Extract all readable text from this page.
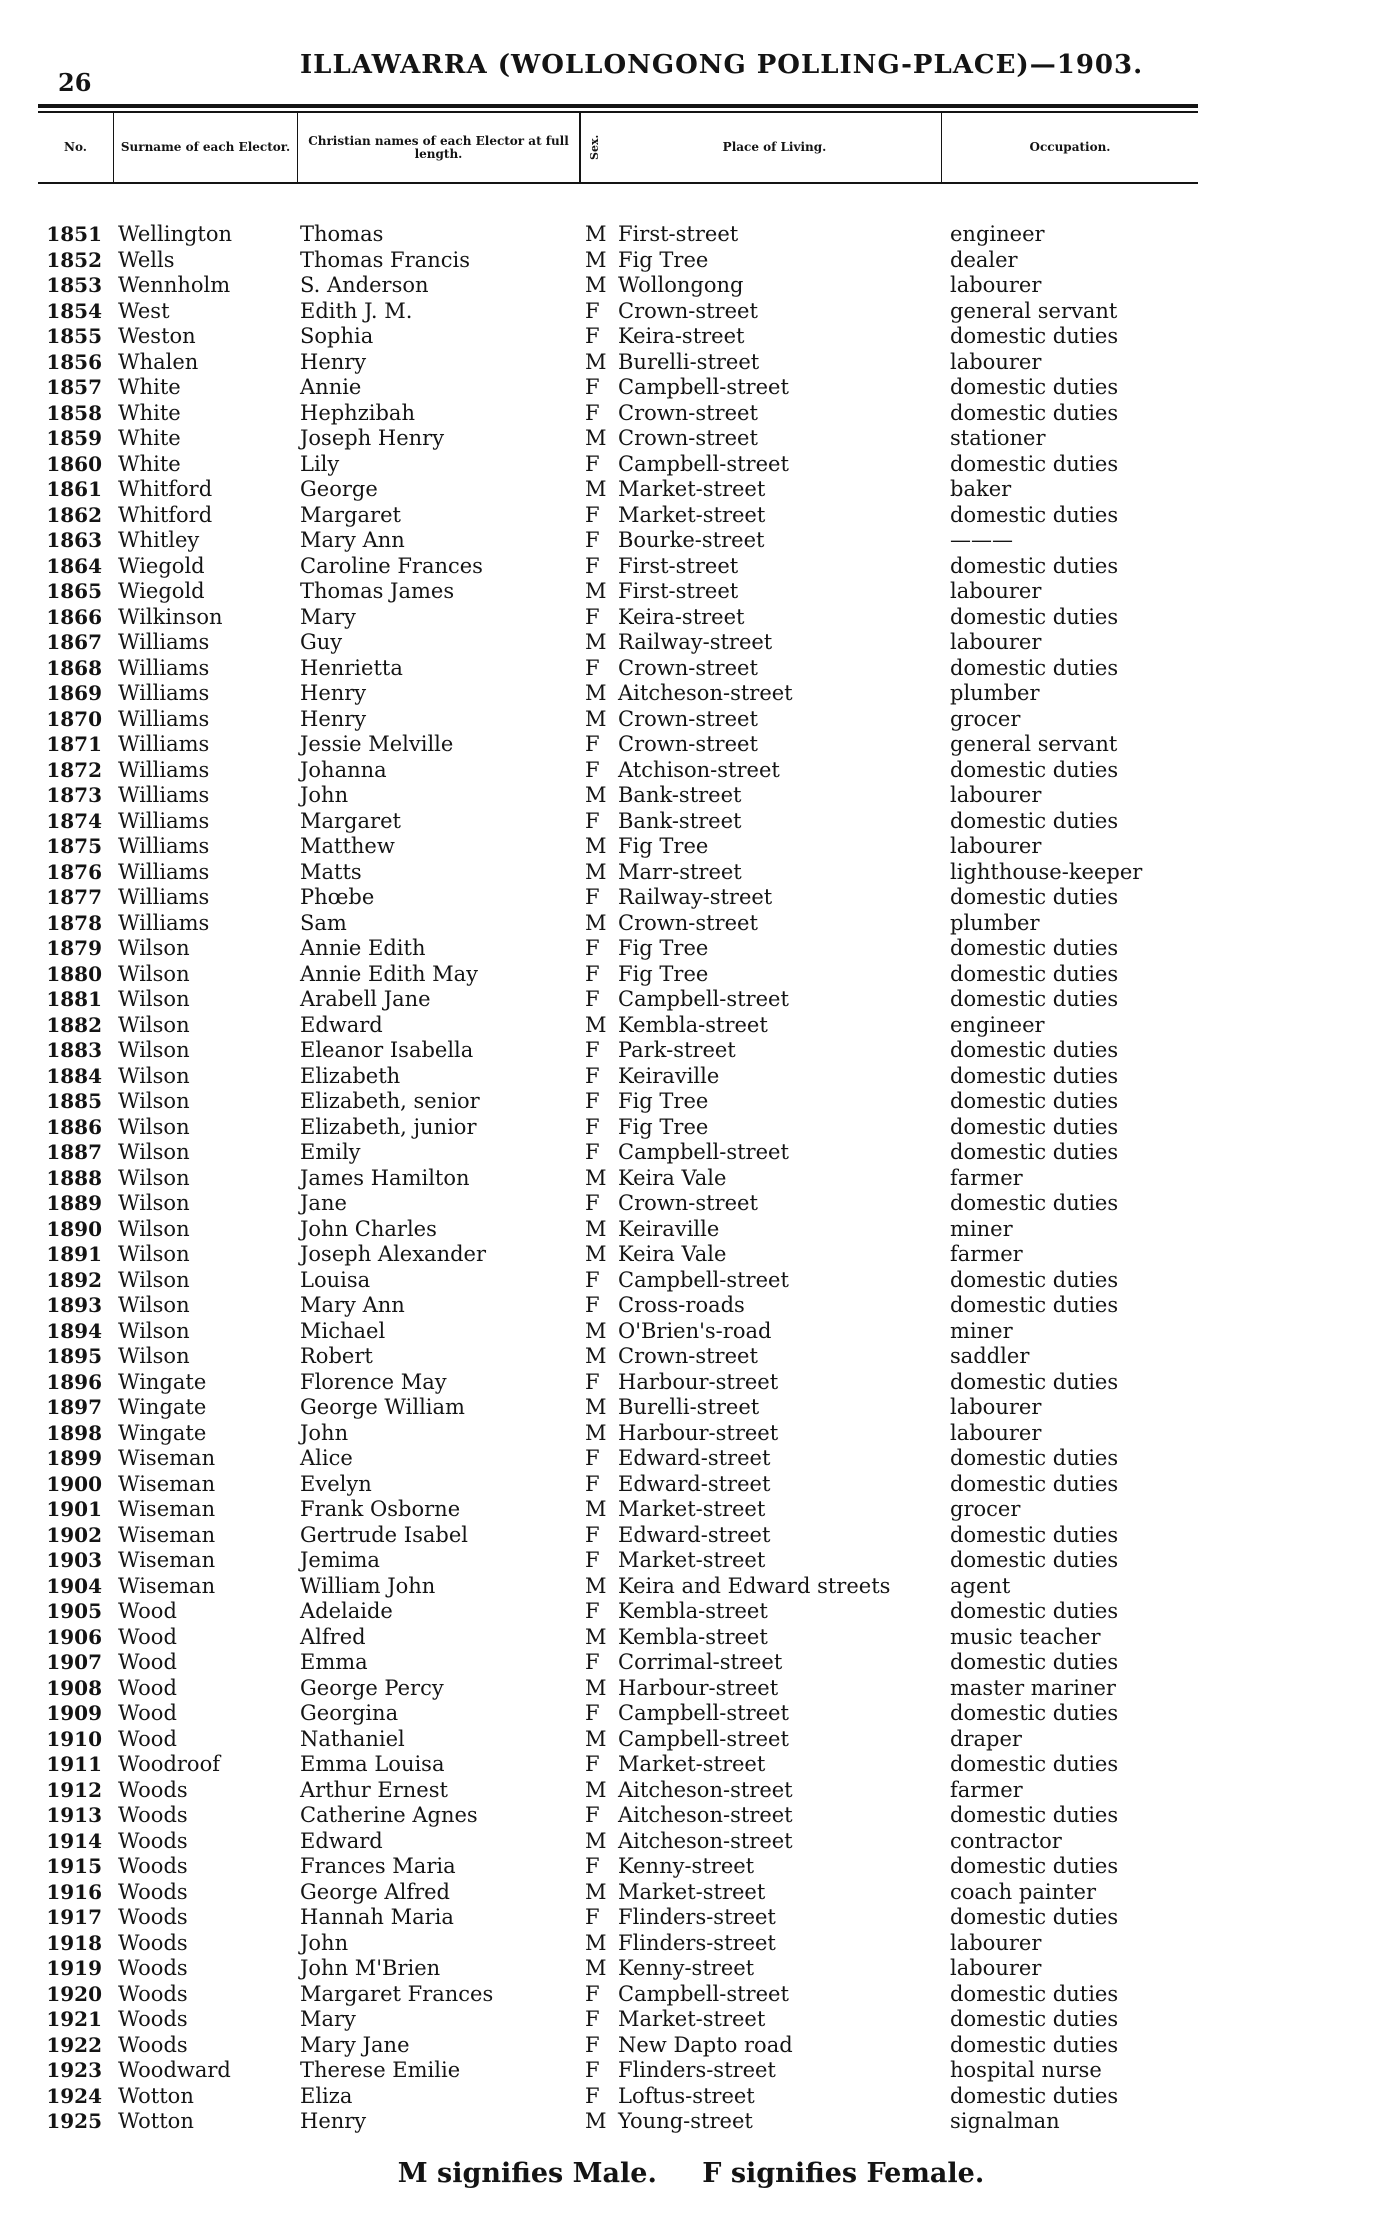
26
ILLAWARRA (WOLLONGONG POLLING-PLACE)—1903.
No.	Surname of each Elector.	Christian names of each Elector at full length.	Sex.	Place of Living.	Occupation.
1851 Wellington	Thomas	M First-street	engineer
1852 Wells	Thomas Francis	M Fig Tree	dealer
1853 Wennholm	S. Anderson	M Wollongong	labourer
1854 West	Edith J. M.	F Crown-street	general servant
1855 Weston	Sophia	F Keira-street	domestic duties
1856 Whalen	Henry	M Burelli-street	labourer
1857 White	Annie	F Campbell-street	domestic duties
1858 White	Hephzibah	F Crown-street	domestic duties
1859 White	Joseph Henry	M Crown-street	stationer
1860 White	Lily	F Campbell-street	domestic duties
1861 Whitford	George	M Market-street	baker
1862 Whitford	Margaret	F Market-street	domestic duties
1863 Whitley	Mary Ann	F Bourke-street	———
1864 Wiegold	Caroline Frances	F First-street	domestic duties
1865 Wiegold	Thomas James	M First-street	labourer
1866 Wilkinson	Mary	F Keira-street	domestic duties
1867 Williams	Guy	M Railway-street	labourer
1868 Williams	Henrietta	F Crown-street	domestic duties
1869 Williams	Henry	M Aitcheson-street	plumber
1870 Williams	Henry	M Crown-street	grocer
1871 Williams	Jessie Melville	F Crown-street	general servant
1872 Williams	Johanna	F Atchison-street	domestic duties
1873 Williams	John	M Bank-street	labourer
1874 Williams	Margaret	F Bank-street	domestic duties
1875 Williams	Matthew	M Fig Tree	labourer
1876 Williams	Matts	M Marr-street	lighthouse-keeper
1877 Williams	Phœbe	F Railway-street	domestic duties
1878 Williams	Sam	M Crown-street	plumber
1879 Wilson	Annie Edith	F Fig Tree	domestic duties
1880 Wilson	Annie Edith May	F Fig Tree	domestic duties
1881 Wilson	Arabell Jane	F Campbell-street	domestic duties
1882 Wilson	Edward	M Kembla-street	engineer
1883 Wilson	Eleanor Isabella	F Park-street	domestic duties
1884 Wilson	Elizabeth	F Keiraville	domestic duties
1885 Wilson	Elizabeth, senior	F Fig Tree	domestic duties
1886 Wilson	Elizabeth, junior	F Fig Tree	domestic duties
1887 Wilson	Emily	F Campbell-street	domestic duties
1888 Wilson	James Hamilton	M Keira Vale	farmer
1889 Wilson	Jane	F Crown-street	domestic duties
1890 Wilson	John Charles	M Keiraville	miner
1891 Wilson	Joseph Alexander	M Keira Vale	farmer
1892 Wilson	Louisa	F Campbell-street	domestic duties
1893 Wilson	Mary Ann	F Cross-roads	domestic duties
1894 Wilson	Michael	M O'Brien's-road	miner
1895 Wilson	Robert	M Crown-street	saddler
1896 Wingate	Florence May	F Harbour-street	domestic duties
1897 Wingate	George William	M Burelli-street	labourer
1898 Wingate	John	M Harbour-street	labourer
1899 Wiseman	Alice	F Edward-street	domestic duties
1900 Wiseman	Evelyn	F Edward-street	domestic duties
1901 Wiseman	Frank Osborne	M Market-street	grocer
1902 Wiseman	Gertrude Isabel	F Edward-street	domestic duties
1903 Wiseman	Jemima	F Market-street	domestic duties
1904 Wiseman	William John	M Keira and Edward streets	agent
1905 Wood	Adelaide	F Kembla-street	domestic duties
1906 Wood	Alfred	M Kembla-street	music teacher
1907 Wood	Emma	F Corrimal-street	domestic duties
1908 Wood	George Percy	M Harbour-street	master mariner
1909 Wood	Georgina	F Campbell-street	domestic duties
1910 Wood	Nathaniel	M Campbell-street	draper
1911 Woodroof	Emma Louisa	F Market-street	domestic duties
1912 Woods	Arthur Ernest	M Aitcheson-street	farmer
1913 Woods	Catherine Agnes	F Aitcheson-street	domestic duties
1914 Woods	Edward	M Aitcheson-street	contractor
1915 Woods	Frances Maria	F Kenny-street	domestic duties
1916 Woods	George Alfred	M Market-street	coach painter
1917 Woods	Hannah Maria	F Flinders-street	domestic duties
1918 Woods	John	M Flinders-street	labourer
1919 Woods	John M'Brien	M Kenny-street	labourer
1920 Woods	Margaret Frances	F Campbell-street	domestic duties
1921 Woods	Mary	F Market-street	domestic duties
1922 Woods	Mary Jane	F New Dapto road	domestic duties
1923 Woodward	Therese Emilie	F Flinders-street	hospital nurse
1924 Wotton	Eliza	F Loftus-street	domestic duties
1925 Wotton	Henry	M Young-street	signalman
M signifies Male. F signifies Female.
